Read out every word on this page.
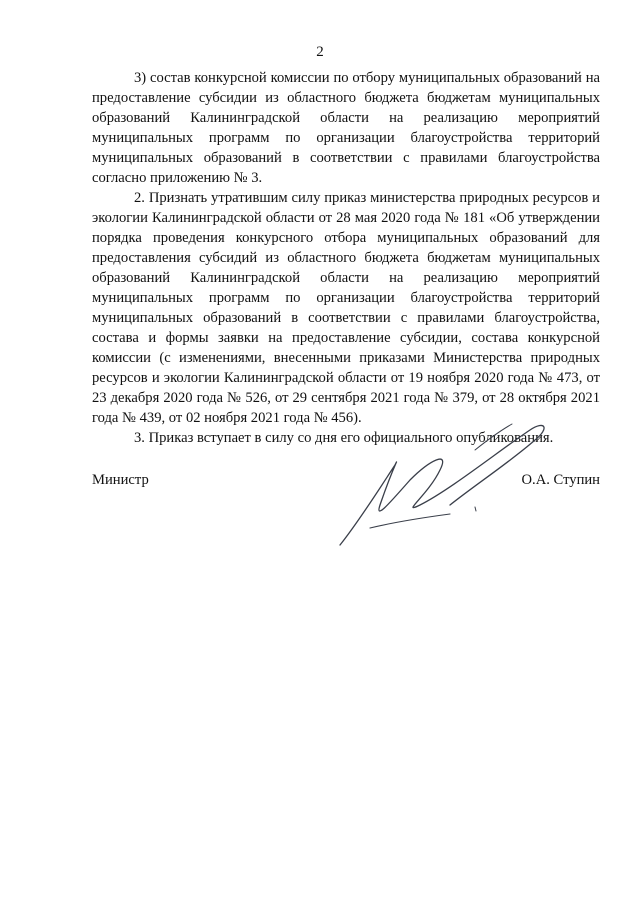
2

3) состав конкурсной комиссии по отбору муниципальных образований на предоставление субсидии из областного бюджета бюджетам муниципальных образований Калининградской области на реализацию мероприятий муниципальных программ по организации благоустройства территорий муниципальных образований в соответствии с правилами благоустройства согласно приложению № 3.

2. Признать утратившим силу приказ министерства природных ресурсов и экологии Калининградской области от 28 мая 2020 года № 181 «Об утверждении порядка проведения конкурсного отбора муниципальных образований для предоставления субсидий из областного бюджета бюджетам муниципальных образований Калининградской области на реализацию мероприятий муниципальных программ по организации благоустройства территорий муниципальных образований в соответствии с правилами благоустройства, состава и формы заявки на предоставление субсидии, состава конкурсной комиссии (с изменениями, внесенными приказами Министерства природных ресурсов и экологии Калининградской области от 19 ноября 2020 года № 473, от 23 декабря 2020 года № 526, от 29 сентября 2021 года № 379, от 28 октября 2021 года № 439, от 02 ноября 2021 года № 456).

3. Приказ вступает в силу со дня его официального опубликования.

Министр	О.А. Ступин
